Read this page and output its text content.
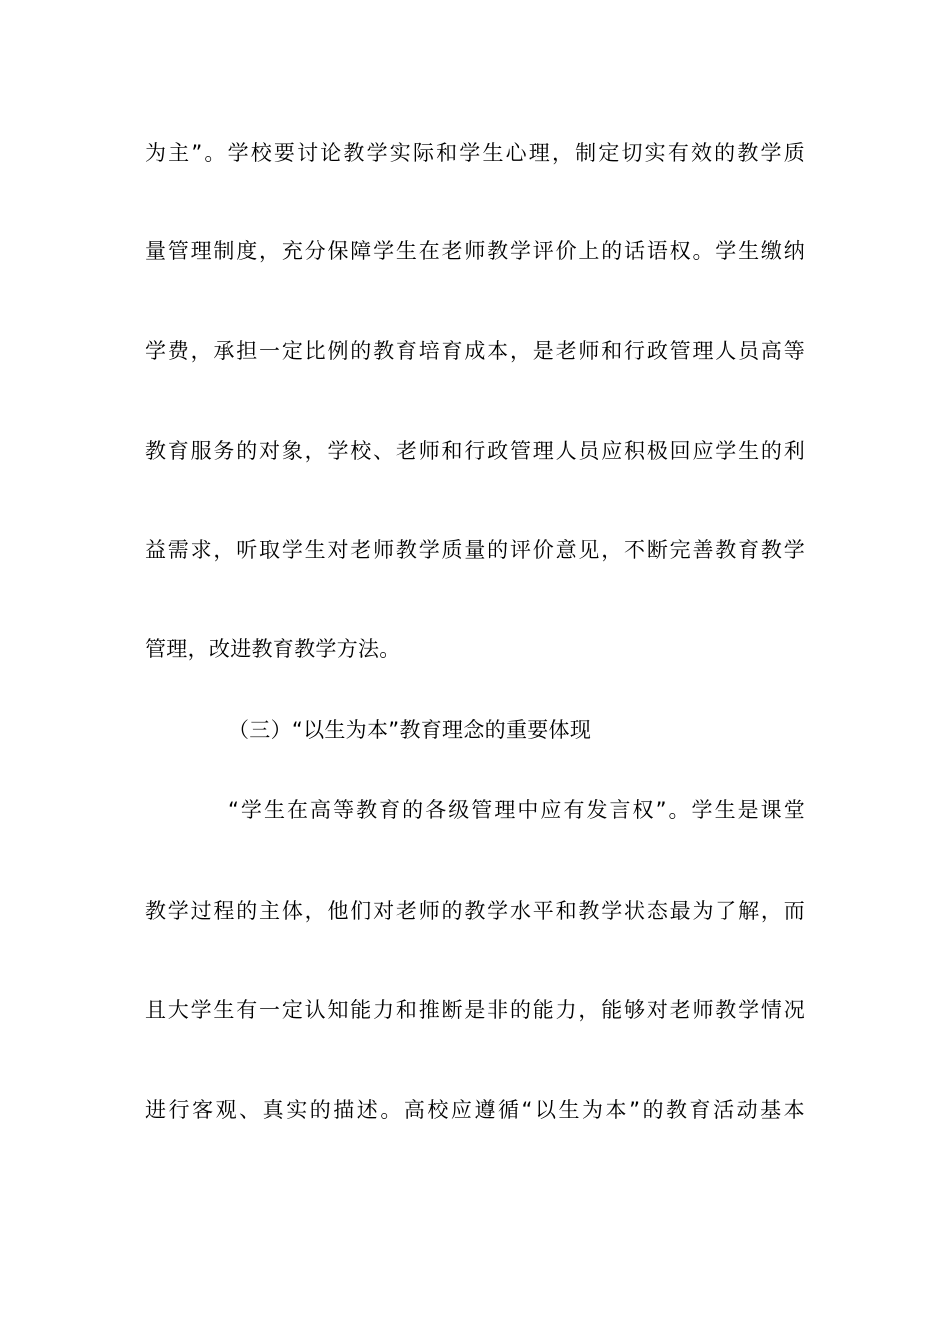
为主”。学校要讨论教学实际和学生心理，制定切实有效的教学质
量管理制度，充分保障学生在老师教学评价上的话语权。学生缴纳
学费，承担一定比例的教育培育成本，是老师和行政管理人员高等
教育服务的对象，学校、老师和行政管理人员应积极回应学生的利
益需求，听取学生对老师教学质量的评价意见，不断完善教育教学
管理，改进教育教学方法。
（三）“以生为本”教育理念的重要体现
“学生在高等教育的各级管理中应有发言权”。学生是课堂
教学过程的主体，他们对老师的教学水平和教学状态最为了解，而
且大学生有一定认知能力和推断是非的能力，能够对老师教学情况
进行客观、真实的描述。高校应遵循“以生为本”的教育活动基本
